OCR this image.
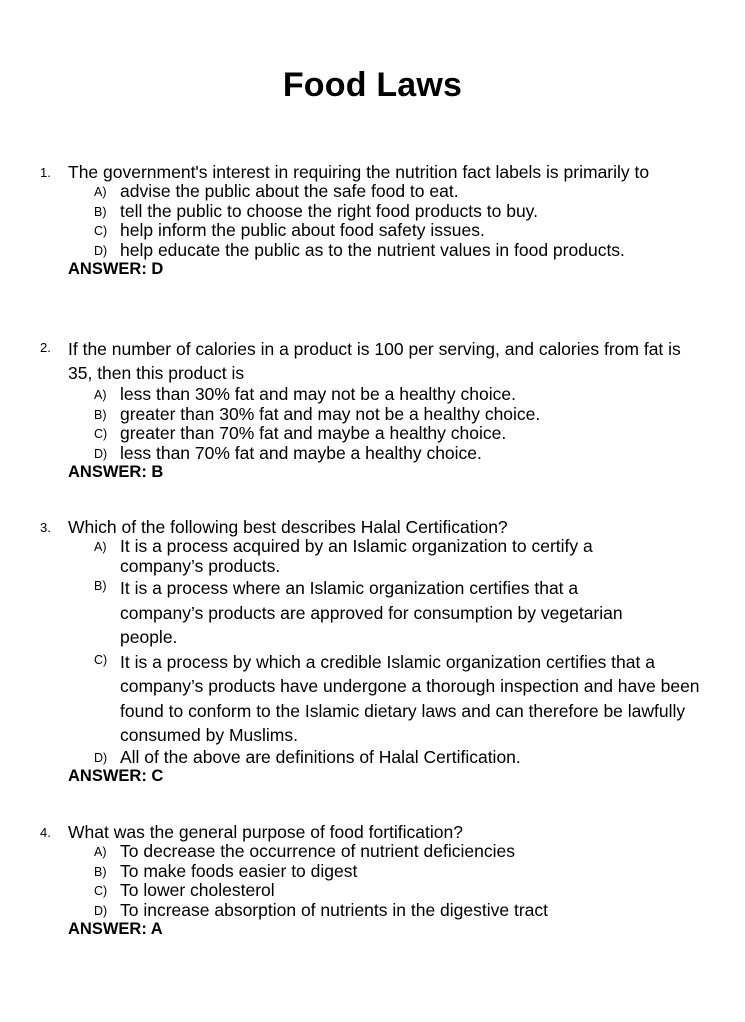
Food Laws
1. The government's interest in requiring the nutrition fact labels is primarily to
A) advise the public about the safe food to eat.
B) tell the public to choose the right food products to buy.
C) help inform the public about food safety issues.
D) help educate the public as to the nutrient values in food products.
ANSWER: D
2. If the number of calories in a product is 100 per serving, and calories from fat is 35, then this product is
A) less than 30% fat and may not be a healthy choice.
B) greater than 30% fat and may not be a healthy choice.
C) greater than 70% fat and maybe a healthy choice.
D) less than 70% fat and maybe a healthy choice.
ANSWER: B
3. Which of the following best describes Halal Certification?
A) It is a process acquired by an Islamic organization to certify a company’s products.
B) It is a process where an Islamic organization certifies that a company’s products are approved for consumption by vegetarian people.
C) It is a process by which a credible Islamic organization certifies that a company’s products have undergone a thorough inspection and have been found to conform to the Islamic dietary laws and can therefore be lawfully consumed by Muslims.
D) All of the above are definitions of Halal Certification.
ANSWER: C
4. What was the general purpose of food fortification?
A) To decrease the occurrence of nutrient deficiencies
B) To make foods easier to digest
C) To lower cholesterol
D) To increase absorption of nutrients in the digestive tract
ANSWER: A
